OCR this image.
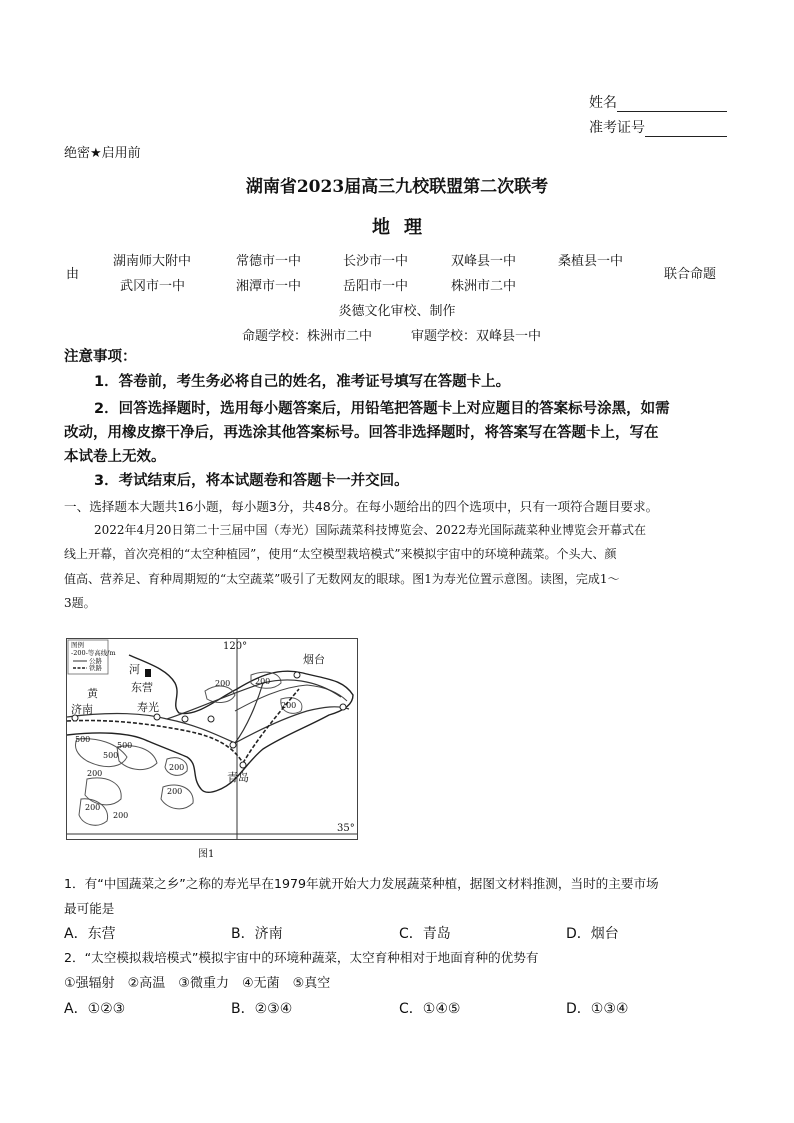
姓名
准考证号
绝密★启用前
湖南省2023届高三九校联盟第二次联考
地理
由
湖南师大附中	常德市一中	长沙市一中	双峰县一中	桑植县一中
武冈市一中	湘潭市一中	岳阳市一中	株洲市二中
联合命题
炎德文化审校、制作
命题学校：株洲市二中	审题学校：双峰县一中
注意事项：
1．答卷前，考生务必将自己的姓名，准考证号填写在答题卡上。
2．回答选择题时，选用每小题答案后，用铅笔把答题卡上对应题目的答案标号涂黑，如需
改动，用橡皮擦干净后，再选涂其他答案标号。回答非选择题时，将答案写在答题卡上，写在
本试卷上无效。
3．考试结束后，将本试题卷和答题卡一并交回。
一、选择题本大题共16小题，每小题3分，共48分。在每小题给出的四个选项中，只有一项符合题目要求。
2022年4月20日第二十三届中国（寿光）国际蔬菜科技博览会、2022寿光国际蔬菜种业博览会开幕式在
线上开幕，首次亮相的“太空种植园”，使用“太空模型栽培模式”来模拟宇宙中的环境种蔬菜。个头大、颜
值高、营养足、育种周期短的“太空蔬菜”吸引了无数网友的眼球。图1为寿光位置示意图。读图，完成1～
3题。
图例
-200-等高线/m
公路
铁路
120°
35°
河
黄	东营
济南	寿光
烟台
青岛
200	200
200
500
500
500
200
200
200
200
200
图1
1．有“中国蔬菜之乡”之称的寿光早在1979年就开始大力发展蔬菜种植，据图文材料推测，当时的主要市场
最可能是
A．东营	B．济南	C．青岛	D．烟台
2．“太空模拟栽培模式”模拟宇宙中的环境种蔬菜，太空育种相对于地面育种的优势有
①强辐射　②高温　③微重力　④无菌　⑤真空
A．①②③	B．②③④	C．①④⑤	D．①③④
